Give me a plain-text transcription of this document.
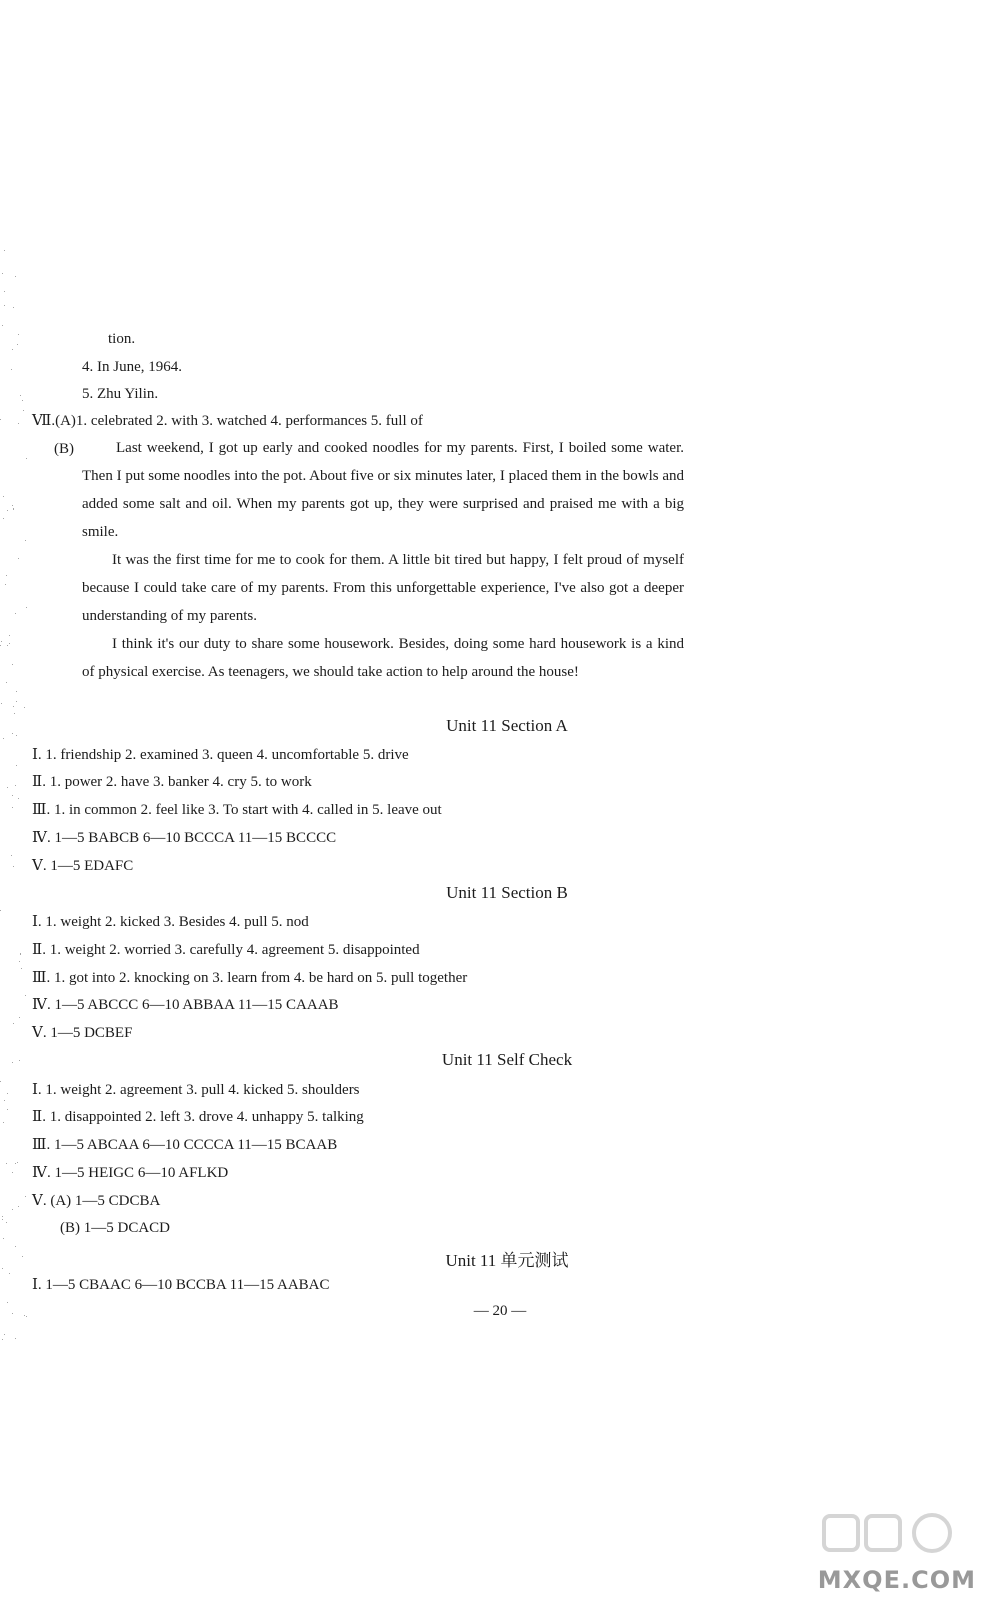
tion.
4. In June, 1964.
5. Zhu Yilin.
Ⅶ.(A)1. celebrated 2. with 3. watched 4. performances 5. full of
(B)	Last weekend, I got up early and cooked noodles for my parents. First, I boiled some water. Then I put some noodles into the pot. About five or six minutes later, I placed them in the bowls and added some salt and oil. When my parents got up, they were surprised and praised me with a big smile.

It was the first time for me to cook for them. A little bit tired but happy, I felt proud of myself because I could take care of my parents. From this unforgettable experience, I've also got a deeper understanding of my parents.

I think it's our duty to share some housework. Besides, doing some hard housework is a kind of physical exercise. As teenagers, we should take action to help around the house!

Unit 11 Section A
Ⅰ. 1. friendship 2. examined 3. queen 4. uncomfortable 5. drive
Ⅱ. 1. power 2. have 3. banker 4. cry 5. to work
Ⅲ. 1. in common 2. feel like 3. To start with 4. called in 5. leave out
Ⅳ. 1—5 BABCB 6—10 BCCCA 11—15 BCCCC
Ⅴ. 1—5 EDAFC
Unit 11 Section B
Ⅰ. 1. weight 2. kicked 3. Besides 4. pull 5. nod
Ⅱ. 1. weight 2. worried 3. carefully 4. agreement 5. disappointed
Ⅲ. 1. got into 2. knocking on 3. learn from 4. be hard on 5. pull together
Ⅳ. 1—5 ABCCC 6—10 ABBAA 11—15 CAAAB
Ⅴ. 1—5 DCBEF
Unit 11 Self Check
Ⅰ. 1. weight 2. agreement 3. pull 4. kicked 5. shoulders
Ⅱ. 1. disappointed 2. left 3. drove 4. unhappy 5. talking
Ⅲ. 1—5 ABCAA 6—10 CCCCA 11—15 BCAAB
Ⅳ. 1—5 HEIGC 6—10 AFLKD
Ⅴ. (A) 1—5 CDCBA
(B) 1—5 DCACD
Unit 11 单元测试
Ⅰ. 1—5 CBAAC 6—10 BCCBA 11—15 AABAC
— 20 —
MXQE.COM
